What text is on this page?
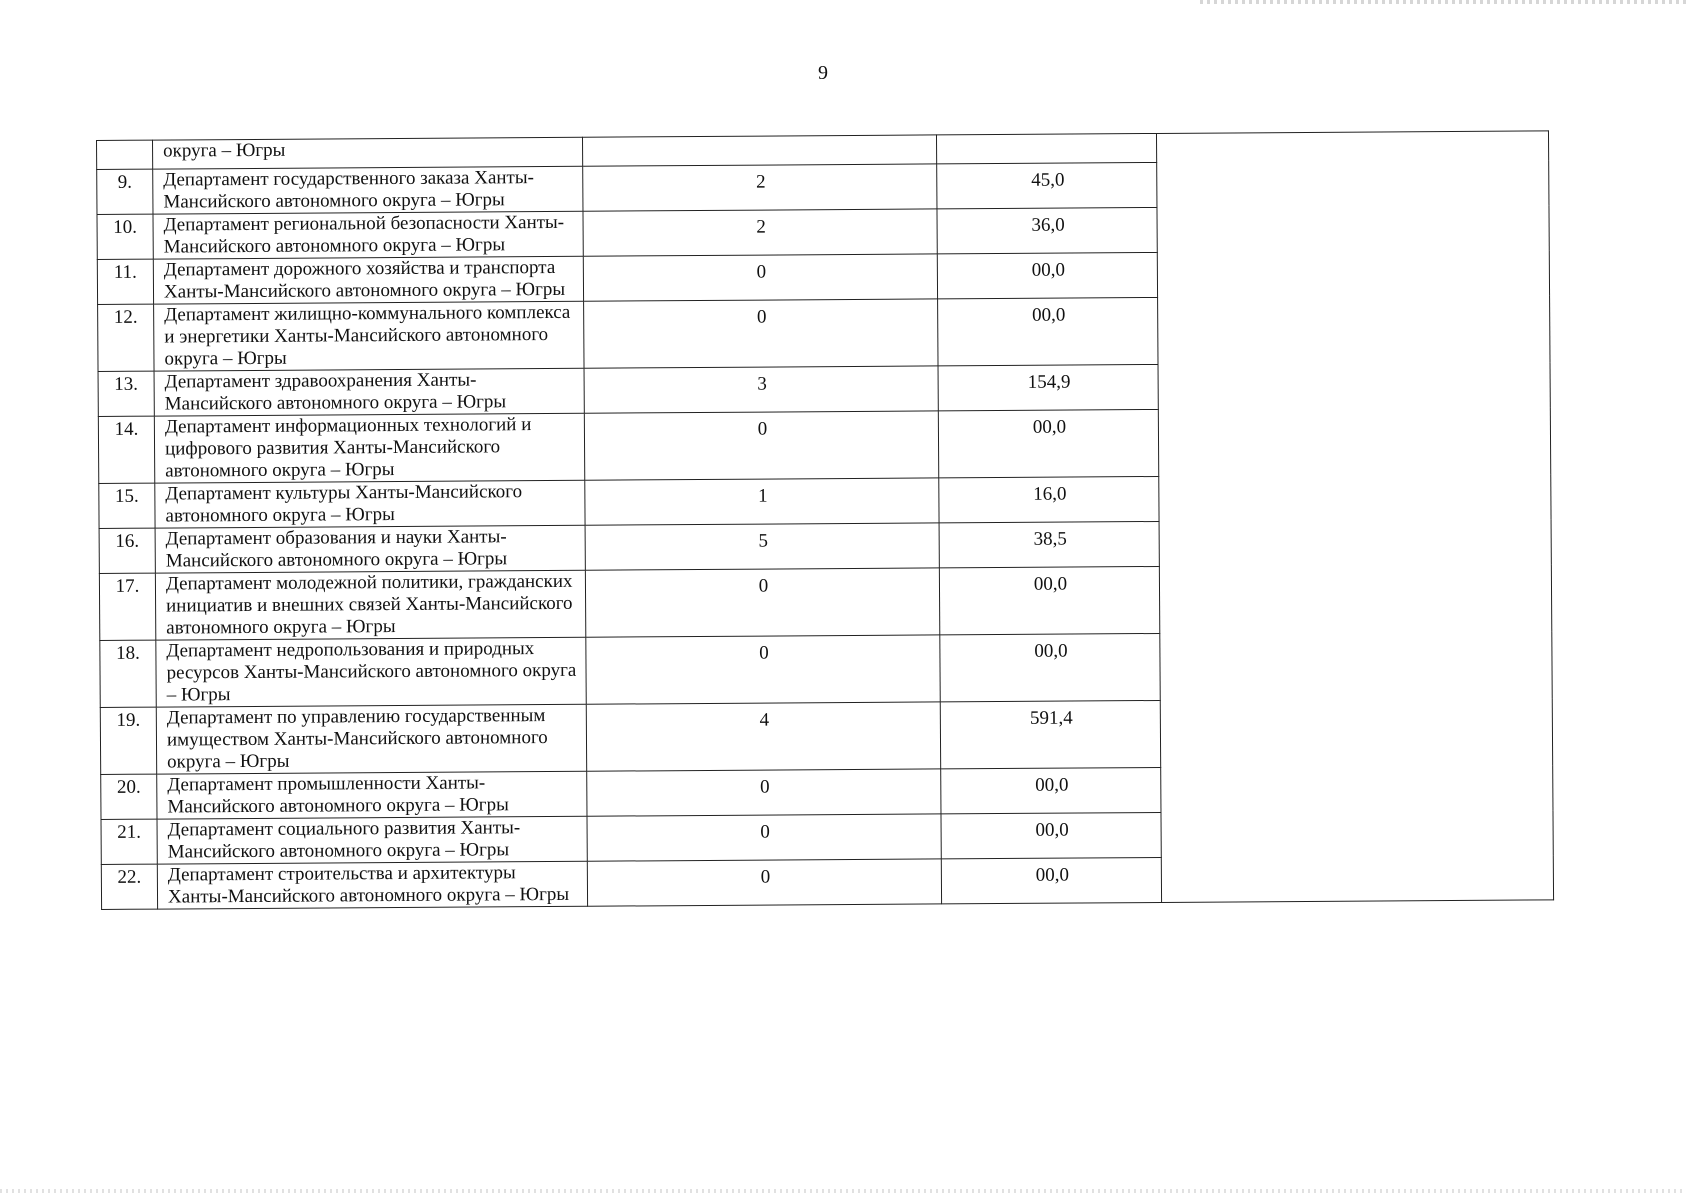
9
	округа – Югры			
9.	Департамент государственного заказа Ханты-Мансийского автономного округа – Югры	2	45,0	
10.	Департамент региональной безопасности Ханты-Мансийского автономного округа – Югры	2	36,0	
11.	Департамент дорожного хозяйства и транспорта Ханты-Мансийского автономного округа – Югры	0	00,0	
12.	Департамент жилищно-коммунального комплекса и энергетики Ханты-Мансийского автономного округа – Югры	0	00,0	
13.	Департамент здравоохранения Ханты-Мансийского автономного округа – Югры	3	154,9	
14.	Департамент информационных технологий и цифрового развития Ханты-Мансийского автономного округа – Югры	0	00,0	
15.	Департамент культуры Ханты-Мансийского автономного округа – Югры	1	16,0	
16.	Департамент образования и науки Ханты-Мансийского автономного округа – Югры	5	38,5	
17.	Департамент молодежной политики, гражданских инициатив и внешних связей Ханты-Мансийского автономного округа – Югры	0	00,0	
18.	Департамент недропользования и природных ресурсов Ханты-Мансийского автономного округа – Югры	0	00,0	
19.	Департамент по управлению государственным имуществом Ханты-Мансийского автономного округа – Югры	4	591,4	
20.	Департамент промышленности Ханты-Мансийского автономного округа – Югры	0	00,0	
21.	Департамент социального развития Ханты-Мансийского автономного округа – Югры	0	00,0	
22.	Департамент строительства и архитектуры Ханты-Мансийского автономного округа – Югры	0	00,0	
